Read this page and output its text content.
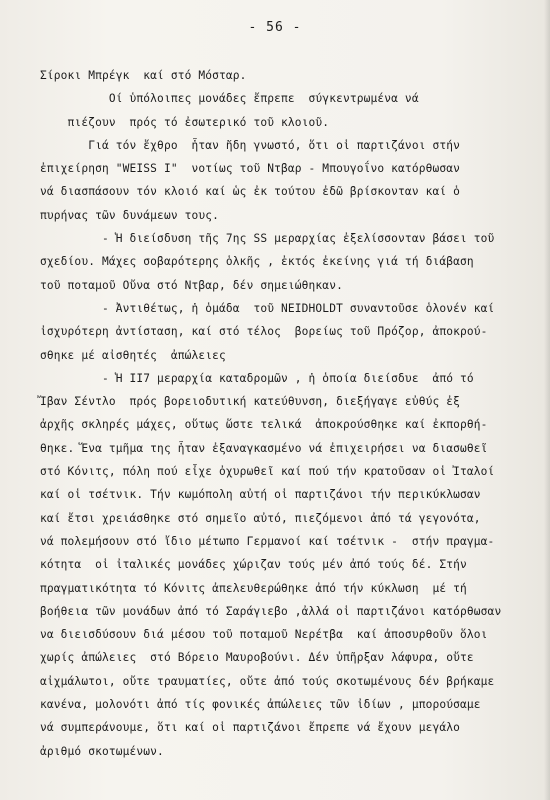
- 56 -
Σίροκι Μπρέγκ  καί στό Μόσταρ.
Οί ὑπόλοιπες μονάδες ἔπρεπε  σύγκεντρωμένα νά
πιέζουν  πρός τό ἐσωτερικό τοῦ κλοιοῦ.
Γιά τόν ἔχθρο  ἦταν ἤδη γνωστό, ὅτι οἱ παρτιζάνοι στήν
ἐπιχείρηση "WEISS I"  νοτίως τοῦ Ντβαρ - Μπουγοΐνο κατόρθωσαν
νά διασπάσουν τόν κλοιό καί ὡς ἐκ τούτου ἐδῶ βρίσκονταν καί ὁ
πυρήνας τῶν δυνάμεων τους.
- Ἡ διείσδυση τῆς 7ης SS μεραρχίας ἐξελίσσονταν βάσει τοῦ
σχεδίου. Μάχες σοβαρότερης ὁλκῆς , ἐκτός ἐκείνης γιά τή διάβαση
τοῦ ποταμοῦ Οὔνα στό Ντβαρ, δέν σημειώθηκαν.
- Ἀντιθέτως, ἡ ὁμάδα  τοῦ NEIDHOLDT συναντοῦσε ὁλονέν καί
ἰσχυρότερη ἀντίσταση, καί στό τέλος  βορείως τοῦ Πρόζορ, ἀποκρού-
σθηκε μέ αἰσθητές  ἀπώλειες
- Ἡ II7 μεραρχία καταδρομῶν , ἡ ὁποία διείσδυε  ἀπό τό
Ἴβαν Σέντλο  πρός βορειοδυτική κατεύθυνση, διεξήγαγε εὐθύς ἐξ
ἀρχῆς σκληρές μάχες, οὕτως ὥστε τελικά  ἀποκρούσθηκε καί ἐκπορθή-
θηκε. Ἕνα τμῆμα της ἦταν ἐξαναγκασμένο νά ἐπιχειρήσει να διασωθεῖ
στό Κόνιτς, πόλη πού εἶχε ὀχυρωθεῖ καί πού τήν κρατοῦσαν οἱ Ἰταλοί
καί οἱ τσέτνικ. Τήν κωμόπολη αὐτή οἱ παρτιζάνοι τήν περικύκλωσαν
καί ἔτσι χρειάσθηκε στό σημεῖο αὐτό, πιεζόμενοι ἀπό τά γεγονότα,
νά πολεμήσουν στό ἴδιο μέτωπο Γερμανοί καί τσέτνικ -  στήν πραγμα-
κότητα  οἱ ἰταλικές μονάδες χώριζαν τούς μέν ἀπό τούς δέ. Στήν
πραγματικότητα τό Κόνιτς ἀπελευθερώθηκε ἀπό τήν κύκλωση  μέ τή
βοήθεια τῶν μονάδων ἀπό τό Σαράγιεβο ,ἀλλά οἱ παρτιζάνοι κατόρθωσαν
να διεισδύσουν διά μέσου τοῦ ποταμοῦ Νερέτβα  καί ἀποσυρθοῦν ὅλοι
χωρίς ἀπώλειες  στό Βόρειο Μαυροβούνι. Δέν ὑπῆρξαν λάφυρα, οὔτε
αἰχμάλωτοι, οὔτε τραυματίες, οὔτε ἀπό τούς σκοτωμένους δέν βρήκαμε
κανένα, μολονότι ἀπό τίς φονικές ἀπώλειες τῶν ἰδίων , μπορούσαμε
νά συμπεράνουμε, ὅτι καί οἱ παρτιζάνοι ἔπρεπε νά ἔχουν μεγάλο
ἀριθμό σκοτωμένων.
